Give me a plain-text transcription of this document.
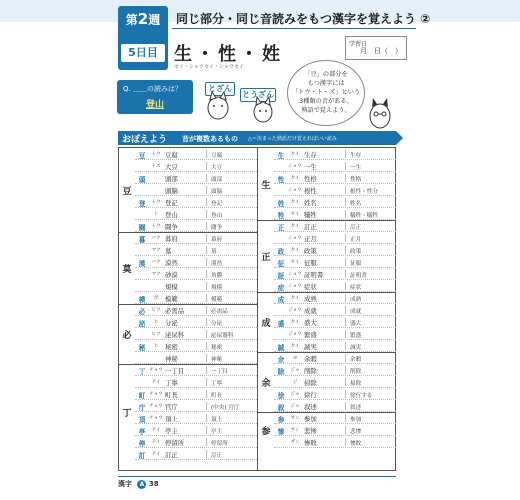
第2週
5日目
同じ部分・同じ音読みをもつ漢字を覚えよう ②
生・性・姓
セイ・ショウセイ・ショウセイ
学習日
月　日（　）
Q. ＿＿の読みは？
登山
とざん
とうざん
「豆」の部分を
もつ漢字には
「トウ・ト・ズ」という
3種類の音がある。
熟語で覚えよう。
おぼえよう 音が複数あるもの △＝決まった熟語だけ覚えればいい読み
豆
豆	トウ 豆腐	豆腐
トズ 大豆	大豆
頭	頭部	頭部
頭脳	頭脳
登	トウ 登記	登記
ト	登山	登山
闘	トウ 闘争	闘争
莫
暮	バク 暮府	幕府
マク 墓	墓
漠	バク 漠然	漠然
マク 砂漠	角膜
規模	規模
模	ボ	模範	模範
必
必	ヒツ 必需品	必需品
泌	ヒ	分泌	分泌
ヒツ 泌尿科	泌尿器科
秘	ヒ	秘密	秘密
神秘	神秘
丁
丁 チョウ 一丁目	一丁目
テイ 丁寧	丁寧
町 チョウ 町長	町長
庁 チョウ 官庁	(中央) 官庁
頂 チョウ 頂上	頂上
亭	テイ 亭主	亭主
停	テイ 停留所	停留所
訂	テイ 訂正	訂正
生
生	セイ 生存	生存
ショウ 一生	一生
性	セイ 性格	性格
ショウ 根性	根性・性分
姓	セイ 姓名	姓名
牲	セイ 犠牲	犠牲・犠牲
正
正	セイ 訂正	訂正
ショウ 正月	正月
政	セイ 政策	政策
征	セイ 征服	征服
証 ショウ 証明書	証明書
症 ショウ 症状	症状
成
成	セイ 成熟	成熟
ジョウ 成就	成就
盛	セイ 盛大	盛大
ジョウ 繁盛	繁盛
誠	セイ 誠実	誠実
余
余	ヨ	余暇	余暇
除	ジョ 削除	削除
ジ	掃除	掃除
徐	ジョ 徐行	徐行する
叙	ジョ 叙述	叙述
参
参	サン 参加	参加
惨	サン 悲惨	悲惨
ザン 惨敗	惨敗
漢字 A 38
